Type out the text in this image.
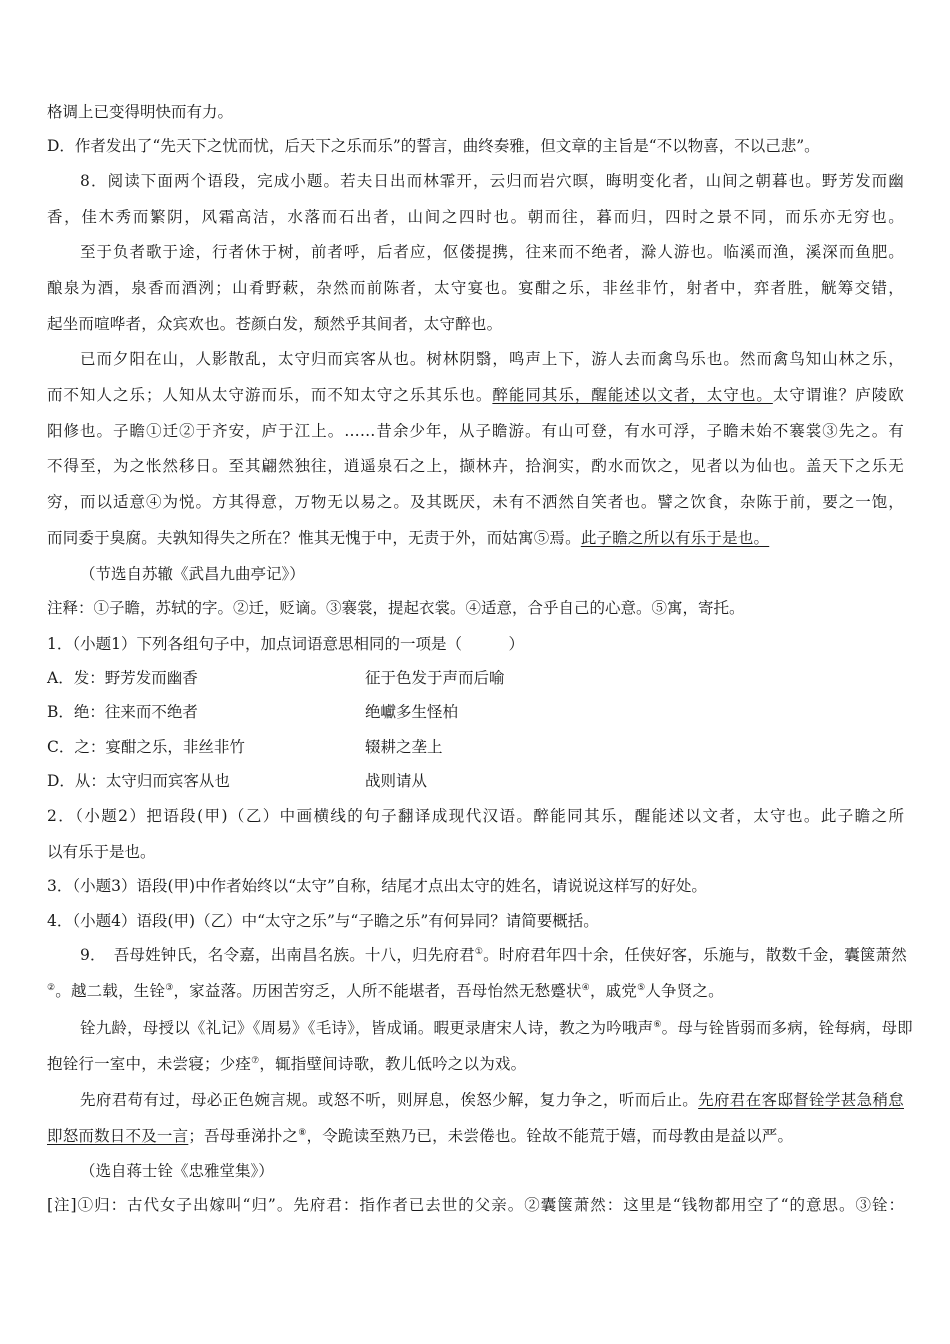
格调上已变得明快而有力。
D．作者发出了“先天下之忧而忧，后天下之乐而乐”的誓言，曲终奏雅，但文章的主旨是“不以物喜，不以己悲”。
8．阅读下面两个语段，完成小题。若夫日出而林霏开，云归而岩穴暝，晦明变化者，山间之朝暮也。野芳发而幽
香，佳木秀而繁阴，风霜高洁，水落而石出者，山间之四时也。朝而往，暮而归，四时之景不同，而乐亦无穷也。
至于负者歌于途，行者休于树，前者呼，后者应，伛偻提携，往来而不绝者，滁人游也。临溪而渔，溪深而鱼肥。
酿泉为酒，泉香而酒洌；山肴野蔌，杂然而前陈者，太守宴也。宴酣之乐，非丝非竹，射者中，弈者胜，觥筹交错，
起坐而喧哗者，众宾欢也。苍颜白发，颓然乎其间者，太守醉也。
已而夕阳在山，人影散乱，太守归而宾客从也。树林阴翳，鸣声上下，游人去而禽鸟乐也。然而禽鸟知山林之乐，
而不知人之乐；人知从太守游而乐，而不知太守之乐其乐也。醉能同其乐，醒能述以文者，太守也。太守谓谁？庐陵欧
阳修也。子瞻①迁②于齐安，庐于江上。……昔余少年，从子瞻游。有山可登，有水可浮，子瞻未始不褰裳③先之。有
不得至，为之怅然移日。至其翩然独往，逍遥泉石之上，撷林卉，拾涧实，酌水而饮之，见者以为仙也。盖天下之乐无
穷，而以适意④为悦。方其得意，万物无以易之。及其既厌，未有不洒然自笑者也。譬之饮食，杂陈于前，要之一饱，
而同委于臭腐。夫孰知得失之所在？惟其无愧于中，无责于外，而姑寓⑤焉。此子瞻之所以有乐于是也。
（节选自苏辙《武昌九曲亭记》）
注释：①子瞻，苏轼的字。②迁，贬谪。③褰裳，提起衣裳。④适意，合乎自己的心意。⑤寓，寄托。
1．（小题1）下列各组句子中，加点词语意思相同的一项是（　　　）
A．发：野芳发而幽香	征于色发于声而后喻
B．绝：往来而不绝者	绝巘多生怪柏
C．之：宴酣之乐，非丝非竹	辍耕之垄上
D．从：太守归而宾客从也	战则请从
2．（小题2）把语段(甲)（乙）中画横线的句子翻译成现代汉语。醉能同其乐，醒能述以文者，太守也。此子瞻之所
以有乐于是也。
3．（小题3）语段(甲)中作者始终以“太守”自称，结尾才点出太守的姓名，请说说这样写的好处。
4．（小题4）语段(甲)（乙）中“太守之乐”与“子瞻之乐”有何异同？请简要概括。
9．　吾母姓钟氏，名令嘉，出南昌名族。十八，归先府君①。时府君年四十余，任侠好客，乐施与，散数千金，囊箧萧然
②。越二载，生铨③，家益落。历困苦穷乏，人所不能堪者，吾母怡然无愁蹙状④，戚党⑤人争贤之。
铨九龄，母授以《礼记》《周易》《毛诗》，皆成诵。暇更录唐宋人诗，教之为吟哦声⑥。母与铨皆弱而多病，铨每病，母即
抱铨行一室中，未尝寝；少痊⑦，辄指壁间诗歌，教儿低吟之以为戏。
先府君苟有过，母必正色婉言规。或怒不听，则屏息，俟怒少解，复力争之，听而后止。先府君在客邸督铨学甚急稍怠
即怒而数日不及一言；吾母垂涕扑之⑧，令跪读至熟乃已，未尝倦也。铨故不能荒于嬉，而母教由是益以严。
（选自蒋士铨《忠雅堂集》）
[注]①归：古代女子出嫁叫“归”。先府君：指作者已去世的父亲。②囊箧萧然：这里是“钱物都用空了“的意思。③铨：
